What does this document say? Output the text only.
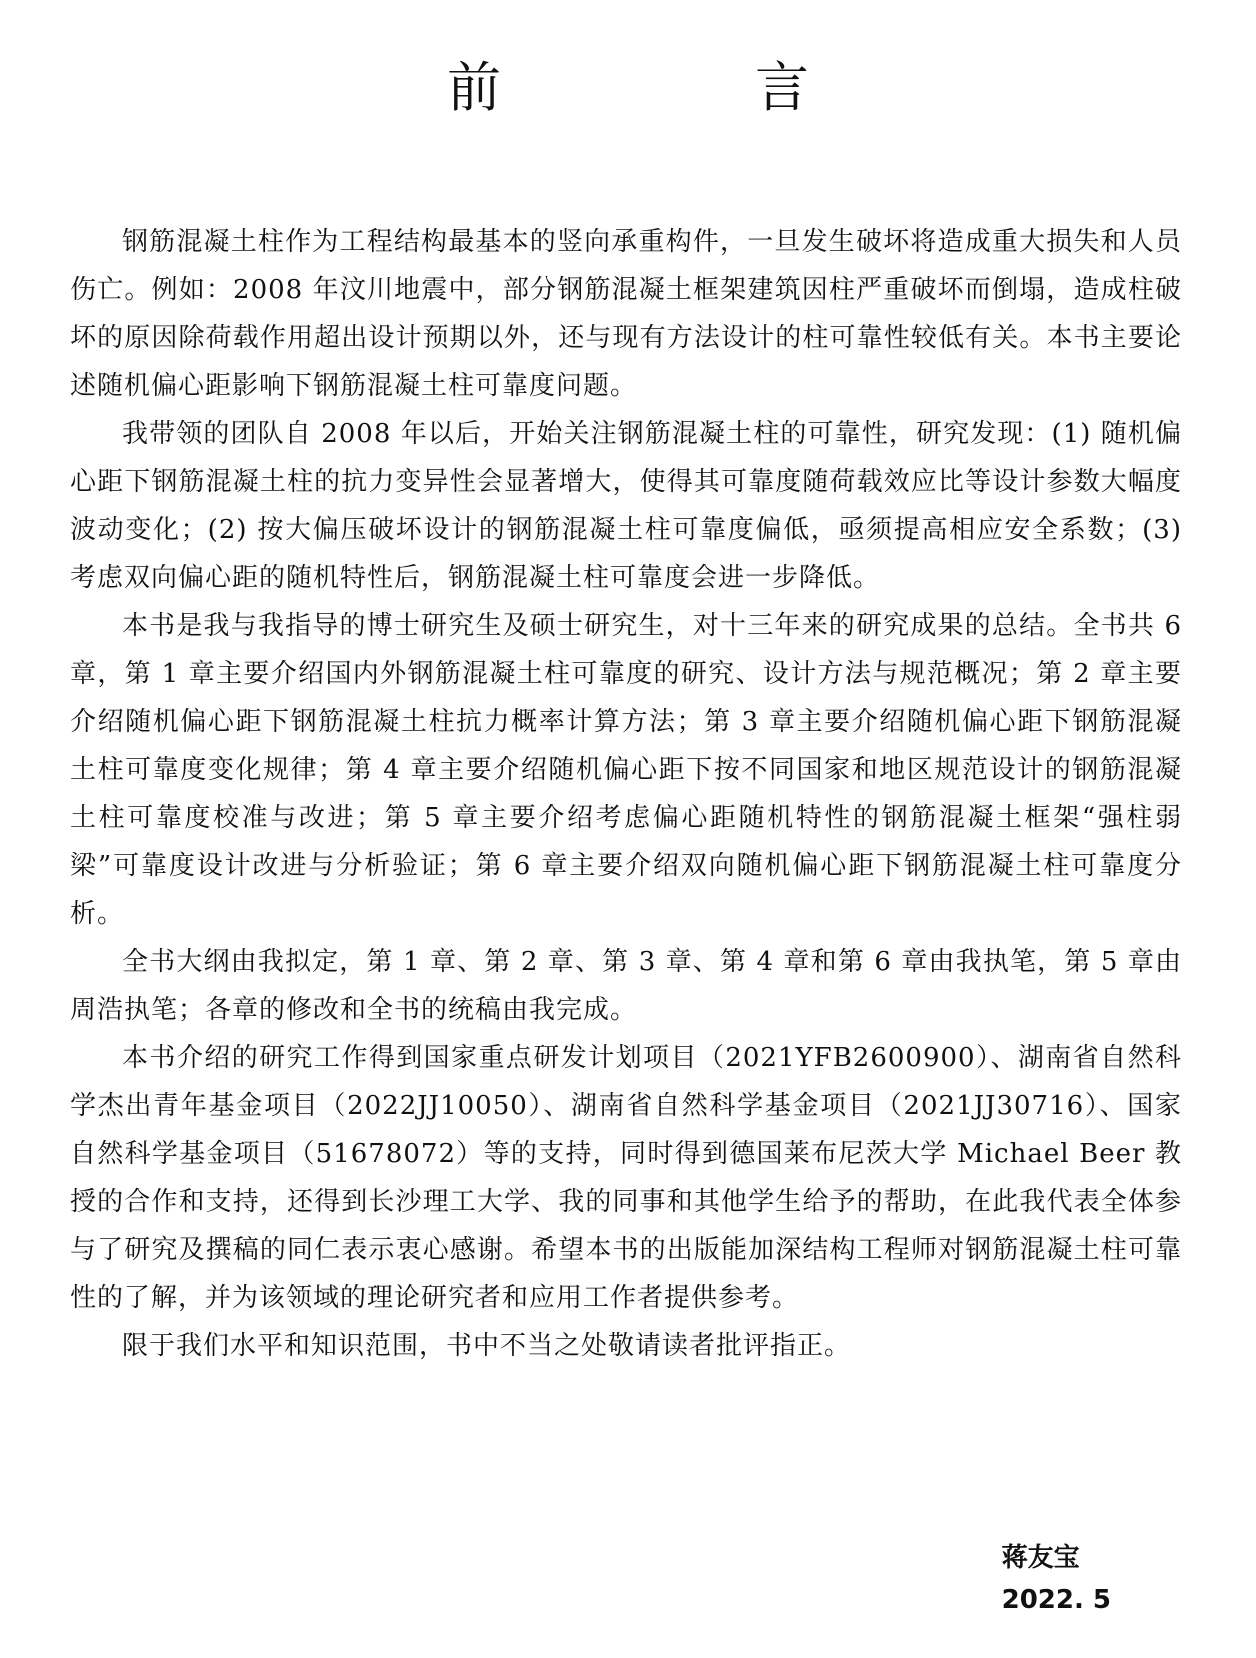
前　言

钢筋混凝土柱作为工程结构最基本的竖向承重构件，一旦发生破坏将造成重大损失和人员伤亡。例如：2008 年汶川地震中，部分钢筋混凝土框架建筑因柱严重破坏而倒塌，造成柱破坏的原因除荷载作用超出设计预期以外，还与现有方法设计的柱可靠性较低有关。本书主要论述随机偏心距影响下钢筋混凝土柱可靠度问题。

我带领的团队自 2008 年以后，开始关注钢筋混凝土柱的可靠性，研究发现：(1) 随机偏心距下钢筋混凝土柱的抗力变异性会显著增大，使得其可靠度随荷载效应比等设计参数大幅度波动变化；(2) 按大偏压破坏设计的钢筋混凝土柱可靠度偏低，亟须提高相应安全系数；(3) 考虑双向偏心距的随机特性后，钢筋混凝土柱可靠度会进一步降低。

本书是我与我指导的博士研究生及硕士研究生，对十三年来的研究成果的总结。全书共 6 章，第 1 章主要介绍国内外钢筋混凝土柱可靠度的研究、设计方法与规范概况；第 2 章主要介绍随机偏心距下钢筋混凝土柱抗力概率计算方法；第 3 章主要介绍随机偏心距下钢筋混凝土柱可靠度变化规律；第 4 章主要介绍随机偏心距下按不同国家和地区规范设计的钢筋混凝土柱可靠度校准与改进；第 5 章主要介绍考虑偏心距随机特性的钢筋混凝土框架“强柱弱梁”可靠度设计改进与分析验证；第 6 章主要介绍双向随机偏心距下钢筋混凝土柱可靠度分析。

全书大纲由我拟定，第 1 章、第 2 章、第 3 章、第 4 章和第 6 章由我执笔，第 5 章由周浩执笔；各章的修改和全书的统稿由我完成。

本书介绍的研究工作得到国家重点研发计划项目（2021YFB2600900）、湖南省自然科学杰出青年基金项目（2022JJ10050）、湖南省自然科学基金项目（2021JJ30716）、国家自然科学基金项目（51678072）等的支持，同时得到德国莱布尼茨大学 Michael Beer 教授的合作和支持，还得到长沙理工大学、我的同事和其他学生给予的帮助，在此我代表全体参与了研究及撰稿的同仁表示衷心感谢。希望本书的出版能加深结构工程师对钢筋混凝土柱可靠性的了解，并为该领域的理论研究者和应用工作者提供参考。

限于我们水平和知识范围，书中不当之处敬请读者批评指正。

蒋友宝
2022. 5
